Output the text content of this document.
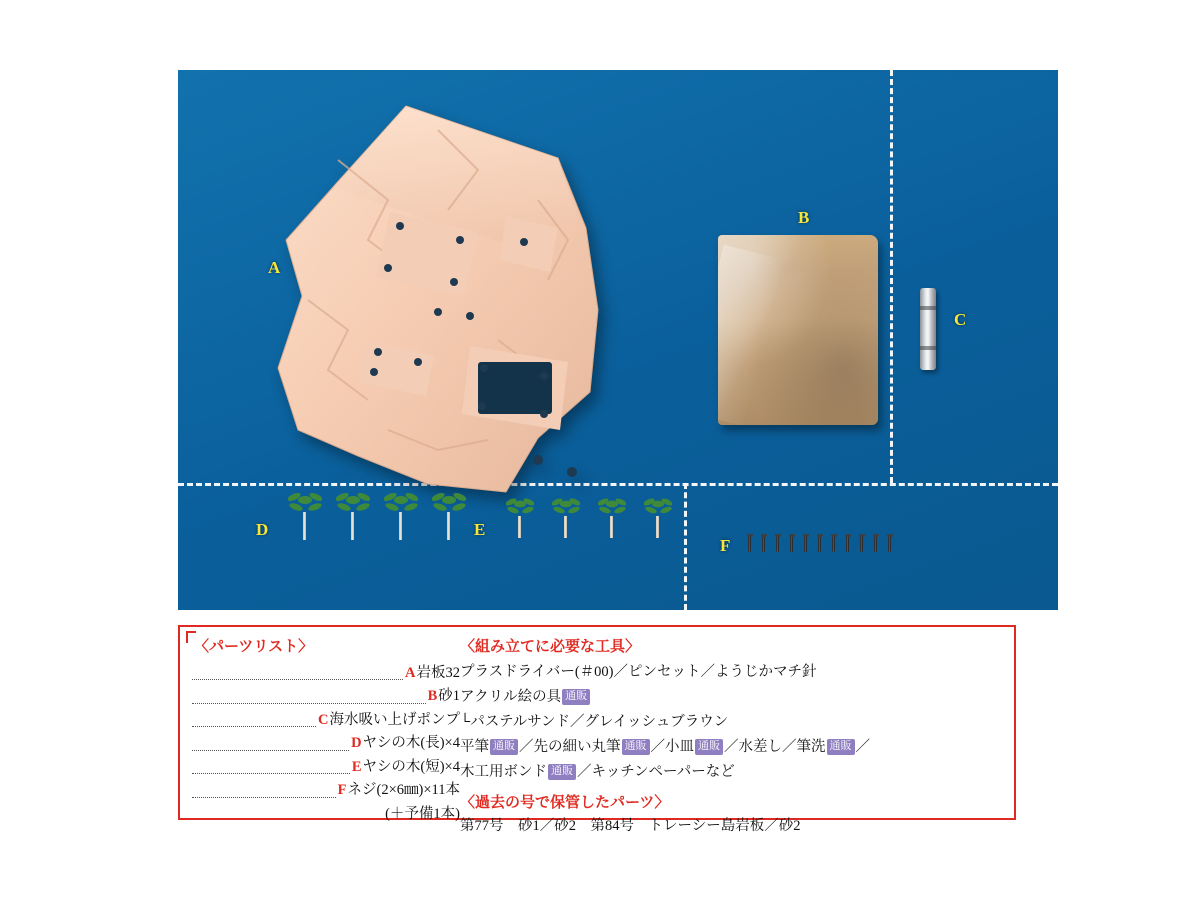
A
B
C
D	E
F
〈パーツリスト〉
A 岩板32
B 砂1
C 海水吸い上げポンプ
D ヤシの木(長)×4
E ヤシの木(短)×4
F ネジ(2×6㎜)×11本
(＋予備1本)
〈組み立てに必要な工具〉
プラスドライバー(＃00)／ピンセット／ようじかマチ針
アクリル絵の具 通販
└パステルサンド／グレイッシュブラウン
平筆 通販 ／先の細い丸筆 通販 ／小皿 通販 ／水差し／筆洗 通販 ／
木工用ボンド 通販 ／キッチンペーパーなど
〈過去の号で保管したパーツ〉
第77号　砂1／砂2　第84号　トレーシー島岩板／砂2
